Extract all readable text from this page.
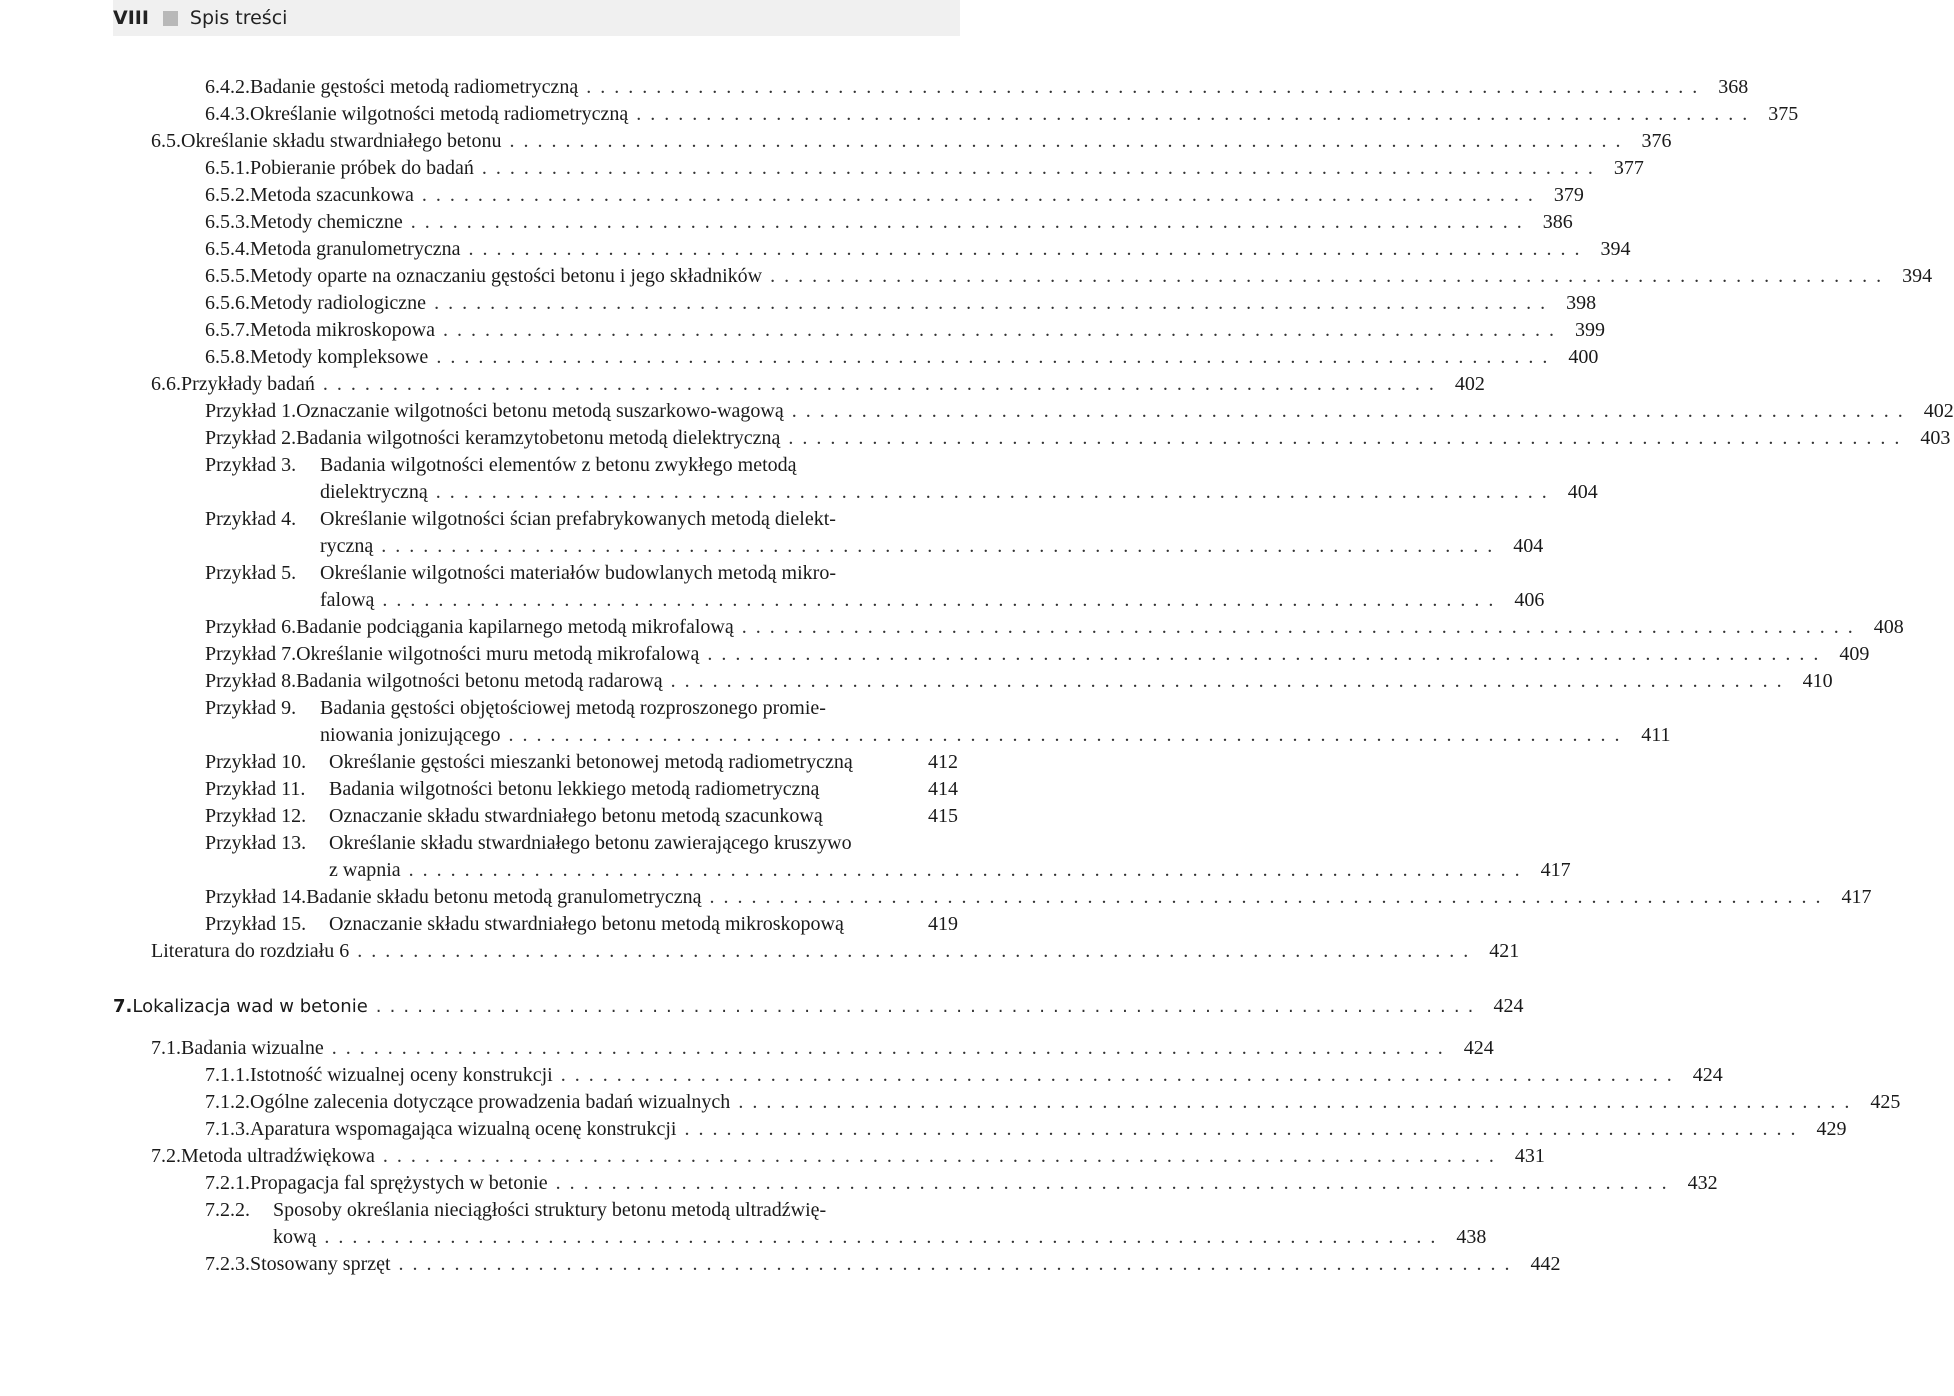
VIII Spis treści
6.4.2. Badanie gęstości metodą radiometryczną ................................................................................ 368
6.4.3. Określanie wilgotności metodą radiometryczną ................................................................................ 375
6.5. Określanie składu stwardniałego betonu ................................................................................ 376
6.5.1. Pobieranie próbek do badań ................................................................................ 377
6.5.2. Metoda szacunkowa ................................................................................ 379
6.5.3. Metody chemiczne ................................................................................ 386
6.5.4. Metoda granulometryczna ................................................................................ 394
6.5.5. Metody oparte na oznaczaniu gęstości betonu i jego składników ................................................................................ 394
6.5.6. Metody radiologiczne ................................................................................ 398
6.5.7. Metoda mikroskopowa ................................................................................ 399
6.5.8. Metody kompleksowe ................................................................................ 400
6.6. Przykłady badań ................................................................................ 402
Przykład 1. Oznaczanie wilgotności betonu metodą suszarkowo-wagową ................................................................................ 402
Przykład 2. Badania wilgotności keramzytobetonu metodą dielektryczną ................................................................................ 403
Przykład 3.	Badania wilgotności elementów z betonu zwykłego metodą
dielektryczną ................................................................................ 404
Przykład 4.	Określanie wilgotności ścian prefabrykowanych metodą dielekt-
ryczną ................................................................................ 404
Przykład 5.	Określanie wilgotności materiałów budowlanych metodą mikro-
falową ................................................................................ 406
Przykład 6. Badanie podciągania kapilarnego metodą mikrofalową ................................................................................ 408
Przykład 7. Określanie wilgotności muru metodą mikrofalową ................................................................................ 409
Przykład 8. Badania wilgotności betonu metodą radarową ................................................................................ 410
Przykład 9.	Badania gęstości objętościowej metodą rozproszonego promie-
niowania jonizującego ................................................................................ 411
Przykład 10.	Określanie gęstości mieszanki betonowej metodą radiometryczną	412
Przykład 11.	Badania wilgotności betonu lekkiego metodą radiometryczną	414
Przykład 12.	Oznaczanie składu stwardniałego betonu metodą szacunkową	415
Przykład 13.	Określanie składu stwardniałego betonu zawierającego kruszywo
z wapnia ................................................................................ 417
Przykład 14. Badanie składu betonu metodą granulometryczną ................................................................................ 417
Przykład 15.	Oznaczanie składu stwardniałego betonu metodą mikroskopową	419
Literatura do rozdziału 6 ................................................................................ 421
7. Lokalizacja wad w betonie ................................................................................ 424
7.1. Badania wizualne ................................................................................ 424
7.1.1. Istotność wizualnej oceny konstrukcji ................................................................................ 424
7.1.2. Ogólne zalecenia dotyczące prowadzenia badań wizualnych ................................................................................ 425
7.1.3. Aparatura wspomagająca wizualną ocenę konstrukcji ................................................................................ 429
7.2. Metoda ultradźwiękowa ................................................................................ 431
7.2.1. Propagacja fal sprężystych w betonie ................................................................................ 432
7.2.2.	Sposoby określania nieciągłości struktury betonu metodą ultradźwię-
kową ................................................................................ 438
7.2.3. Stosowany sprzęt ................................................................................ 442
